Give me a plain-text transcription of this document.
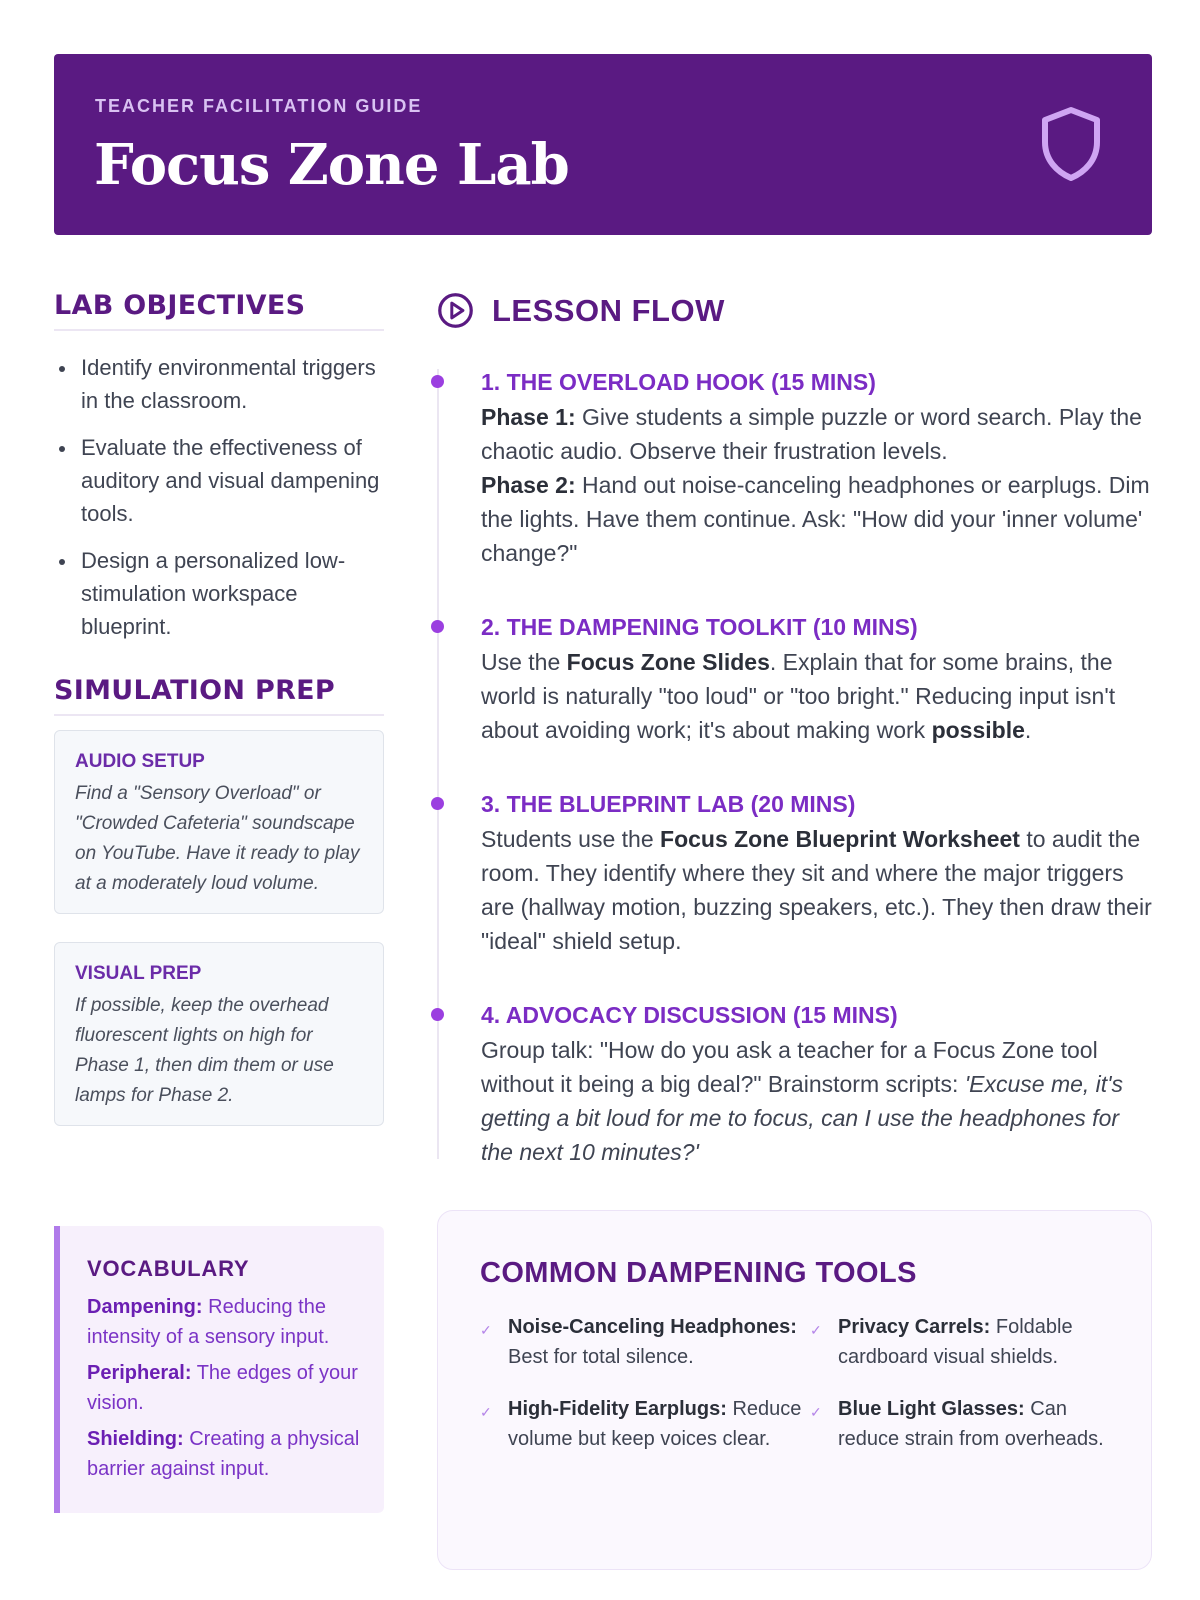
TEACHER FACILITATION GUIDE
Focus Zone Lab
LAB OBJECTIVES
Identify environmental triggers in the classroom.
Evaluate the effectiveness of auditory and visual dampening tools.
Design a personalized low-stimulation workspace blueprint.
SIMULATION PREP
AUDIO SETUP
Find a "Sensory Overload" or "Crowded Cafeteria" soundscape on YouTube. Have it ready to play at a moderately loud volume.
VISUAL PREP
If possible, keep the overhead fluorescent lights on high for Phase 1, then dim them or use lamps for Phase 2.
VOCABULARY
Dampening: Reducing the intensity of a sensory input.
Peripheral: The edges of your vision.
Shielding: Creating a physical barrier against input.
LESSON FLOW
1. THE OVERLOAD HOOK (15 MINS)
Phase 1: Give students a simple puzzle or word search. Play the chaotic audio. Observe their frustration levels.
Phase 2: Hand out noise-canceling headphones or earplugs. Dim the lights. Have them continue. Ask: "How did your 'inner volume' change?"
2. THE DAMPENING TOOLKIT (10 MINS)
Use the Focus Zone Slides. Explain that for some brains, the world is naturally "too loud" or "too bright." Reducing input isn't about avoiding work; it's about making work possible.
3. THE BLUEPRINT LAB (20 MINS)
Students use the Focus Zone Blueprint Worksheet to audit the room. They identify where they sit and where the major triggers are (hallway motion, buzzing speakers, etc.). They then draw their "ideal" shield setup.
4. ADVOCACY DISCUSSION (15 MINS)
Group talk: "How do you ask a teacher for a Focus Zone tool without it being a big deal?" Brainstorm scripts: 'Excuse me, it's getting a bit loud for me to focus, can I use the headphones for the next 10 minutes?'
COMMON DAMPENING TOOLS
✓ Noise-Canceling Headphones: Best for total silence.
✓ Privacy Carrels: Foldable cardboard visual shields.
✓ High-Fidelity Earplugs: Reduce volume but keep voices clear.
✓ Blue Light Glasses: Can reduce strain from overheads.
